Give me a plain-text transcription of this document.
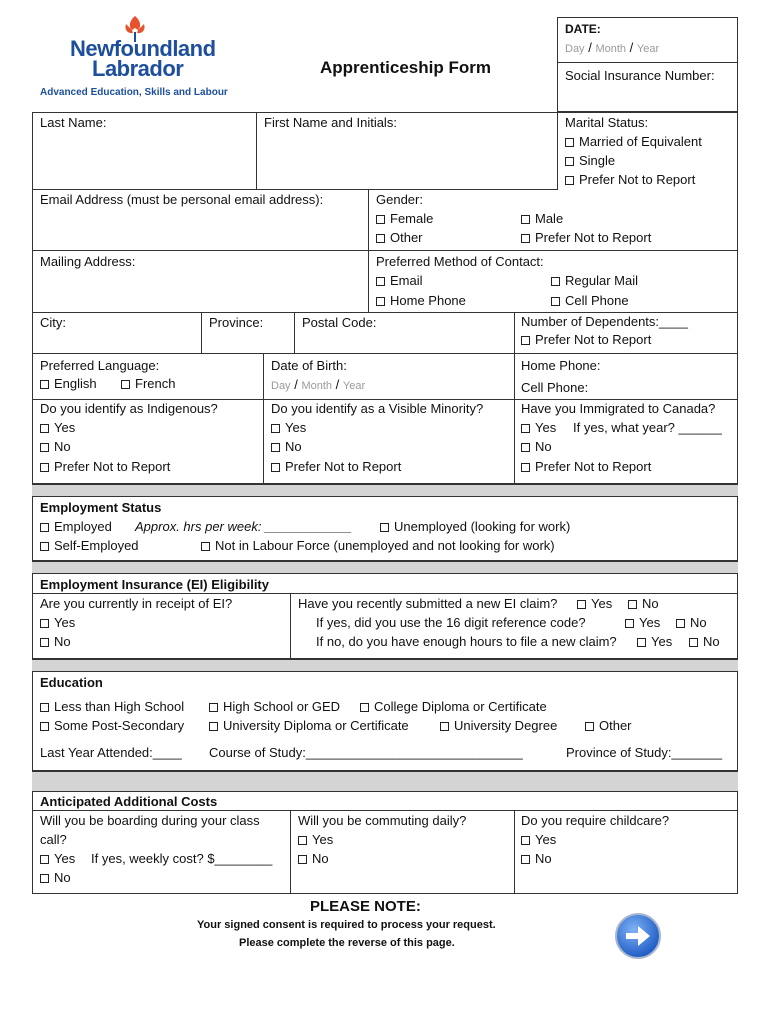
Newfoundland
Labrador
Advanced Education, Skills and Labour
Apprenticeship Form
DATE:
Day / Month / Year
Social Insurance Number:
Last Name:	First Name and Initials:	Marital Status:
Married of Equivalent
Single
Prefer Not to Report
Email Address (must be personal email address):	Gender:
Female	Male
Other	Prefer Not to Report
Mailing Address:	Preferred Method of Contact:
Email	Regular Mail
Home Phone	Cell Phone
City:	Province:	Postal Code:	Number of Dependents:____
Prefer Not to Report
Preferred Language:
English	French
Date of Birth:
Day / Month / Year
Home Phone:
Cell Phone:
Do you identify as Indigenous?
Yes
No
Prefer Not to Report
Do you identify as a Visible Minority?
Yes
No
Prefer Not to Report
Have you Immigrated to Canada?
Yes If yes, what year? ______
No
Prefer Not to Report
Employment Status
Employed Approx. hrs per week: ____________	Unemployed (looking for work)
Self-Employed	Not in Labour Force (unemployed and not looking for work)
Employment Insurance (EI) Eligibility
Are you currently in receipt of EI?
Yes
No
Have you recently submitted a new EI claim?	Yes	No
If yes, did you use the 16 digit reference code?	Yes	No
If no, do you have enough hours to file a new claim?	Yes	No
Education
Less than High School	High School or GED	College Diploma or Certificate
Some Post-Secondary	University Diploma or Certificate	University Degree	Other
Last Year Attended:____ Course of Study:______________________________	Province of Study:_______
Anticipated Additional Costs
Will you be boarding during your class
call?
Yes If yes, weekly cost? $________
No
Will you be commuting daily?
Yes
No
Do you require childcare?
Yes
No
PLEASE NOTE:
Your signed consent is required to process your request.
Please complete the reverse of this page.
